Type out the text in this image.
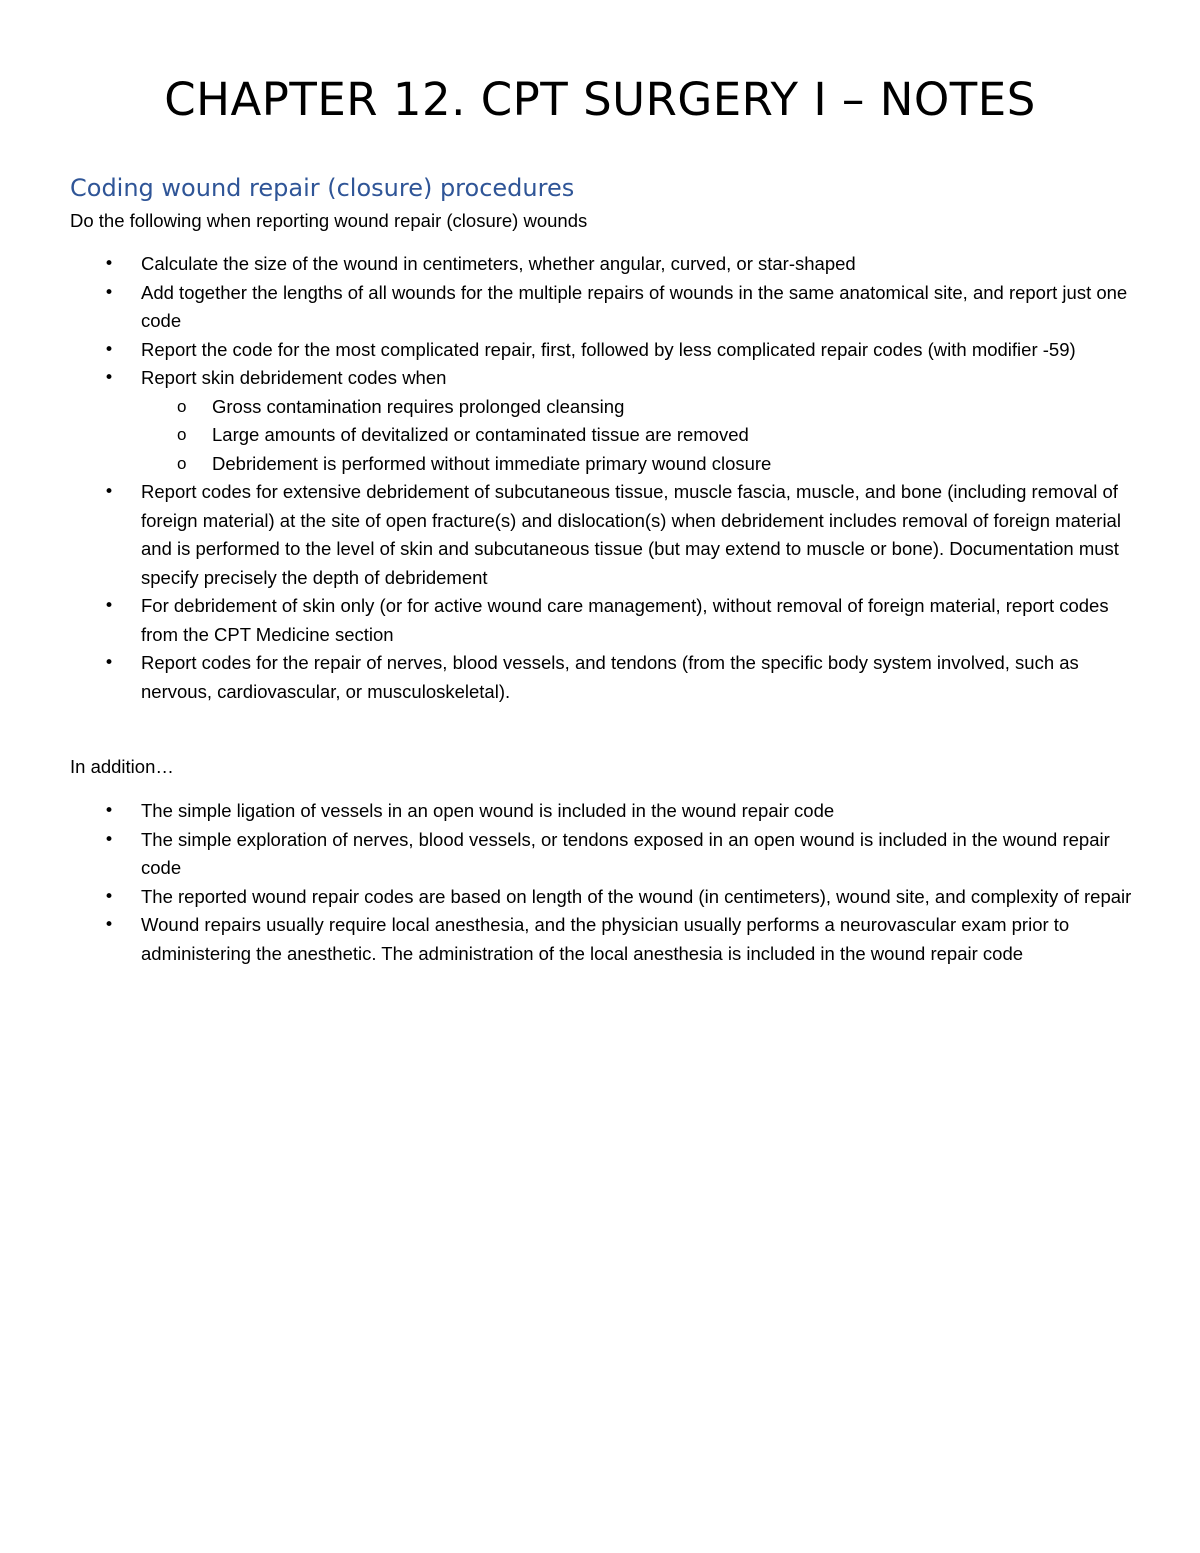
CHAPTER 12. CPT SURGERY I – NOTES
Coding wound repair (closure) procedures

Do the following when reporting wound repair (closure) wounds

• Calculate the size of the wound in centimeters, whether angular, curved, or star-shaped
• Add together the lengths of all wounds for the multiple repairs of wounds in the same anatomical site, and report just one code
• Report the code for the most complicated repair, first, followed by less complicated repair codes (with modifier -59)
• Report skin debridement codes when
o Gross contamination requires prolonged cleansing
o Large amounts of devitalized or contaminated tissue are removed
o Debridement is performed without immediate primary wound closure
• Report codes for extensive debridement of subcutaneous tissue, muscle fascia, muscle, and bone (including removal of foreign material) at the site of open fracture(s) and dislocation(s) when debridement includes removal of foreign material and is performed to the level of skin and subcutaneous tissue (but may extend to muscle or bone). Documentation must specify precisely the depth of debridement
• For debridement of skin only (or for active wound care management), without removal of foreign material, report codes from the CPT Medicine section
• Report codes for the repair of nerves, blood vessels, and tendons (from the specific body system involved, such as nervous, cardiovascular, or musculoskeletal).

In addition…

• The simple ligation of vessels in an open wound is included in the wound repair code
• The simple exploration of nerves, blood vessels, or tendons exposed in an open wound is included in the wound repair code
• The reported wound repair codes are based on length of the wound (in centimeters), wound site, and complexity of repair
• Wound repairs usually require local anesthesia, and the physician usually performs a neurovascular exam prior to administering the anesthetic. The administration of the local anesthesia is included in the wound repair code
